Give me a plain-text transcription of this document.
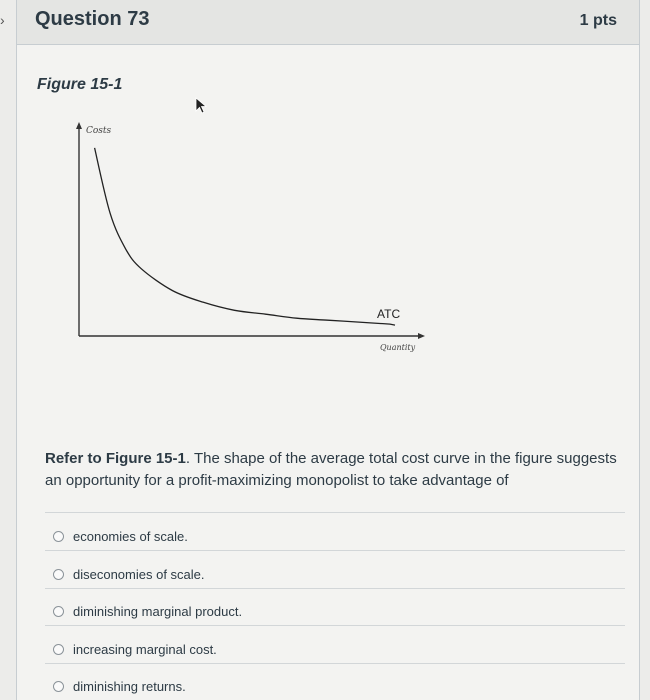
› Question 73	1 pts
Figure 15-1
Costs
Quantity
ATC
Refer to Figure 15-1. The shape of the average total cost curve in the figure suggests an opportunity for a profit-maximizing monopolist to take advantage of
economies of scale.
diseconomies of scale.
diminishing marginal product.
increasing marginal cost.
diminishing returns.
